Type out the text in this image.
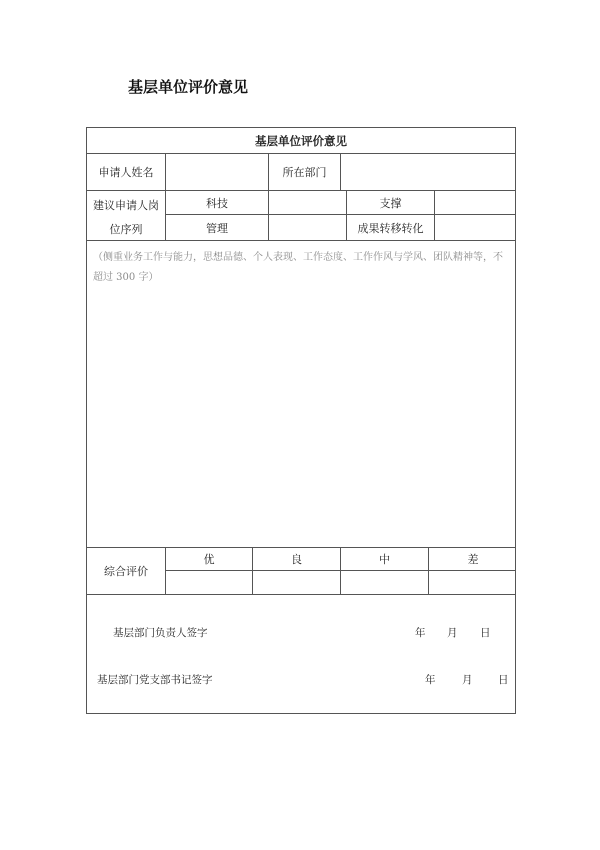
基层单位评价意见
基层单位评价意见
申请人姓名	所在部门
建议申请人岗
位序列
科技	支撑
管理	成果转移转化
（侧重业务工作与能力，思想品德、个人表现、工作态度、工作作风与学风、团队精神等，不超过 300 字）
综合评价
优	良	中	差
基层部门负责人签字	年 月 日
基层部门党支部书记签字	年	月 日
